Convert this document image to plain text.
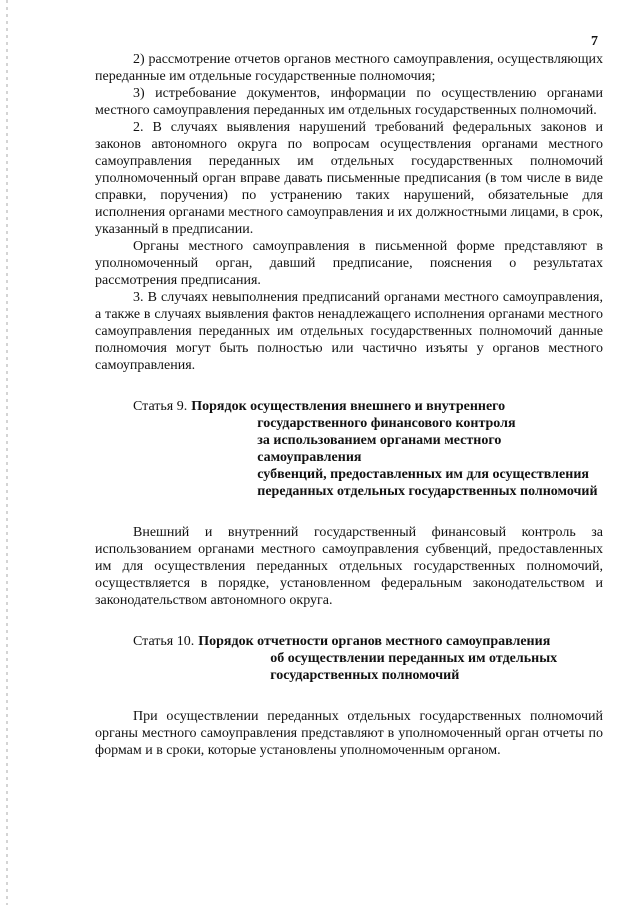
7

2) рассмотрение отчетов органов местного самоуправления, осуществляющих переданные им отдельные государственные полномочия;

3) истребование документов, информации по осуществлению органами местного самоуправления переданных им отдельных государственных полномочий.

2. В случаях выявления нарушений требований федеральных законов и законов автономного округа по вопросам осуществления органами местного самоуправления переданных им отдельных государственных полномочий уполномоченный орган вправе давать письменные предписания (в том числе в виде справки, поручения) по устранению таких нарушений, обязательные для исполнения органами местного самоуправления и их должностными лицами, в срок, указанный в предписании.

Органы местного самоуправления в письменной форме представляют в уполномоченный орган, давший предписание, пояснения о результатах рассмотрения предписания.

3. В случаях невыполнения предписаний органами местного самоуправления, а также в случаях выявления фактов ненадлежащего исполнения органами местного самоуправления переданных им отдельных государственных полномочий данные полномочия могут быть полностью или частично изъяты у органов местного самоуправления.

Статья 9. Порядок осуществления внешнего и внутреннего
государственного финансового контроля
за использованием органами местного самоуправления
субвенций, предоставленных им для осуществления
переданных отдельных государственных полномочий

Внешний и внутренний государственный финансовый контроль за использованием органами местного самоуправления субвенций, предоставленных им для осуществления переданных отдельных государственных полномочий, осуществляется в порядке, установленном федеральным законодательством и законодательством автономного округа.

Статья 10. Порядок отчетности органов местного самоуправления
об осуществлении переданных им отдельных
государственных полномочий

При осуществлении переданных отдельных государственных полномочий органы местного самоуправления представляют в уполномоченный орган отчеты по формам и в сроки, которые установлены уполномоченным органом.
